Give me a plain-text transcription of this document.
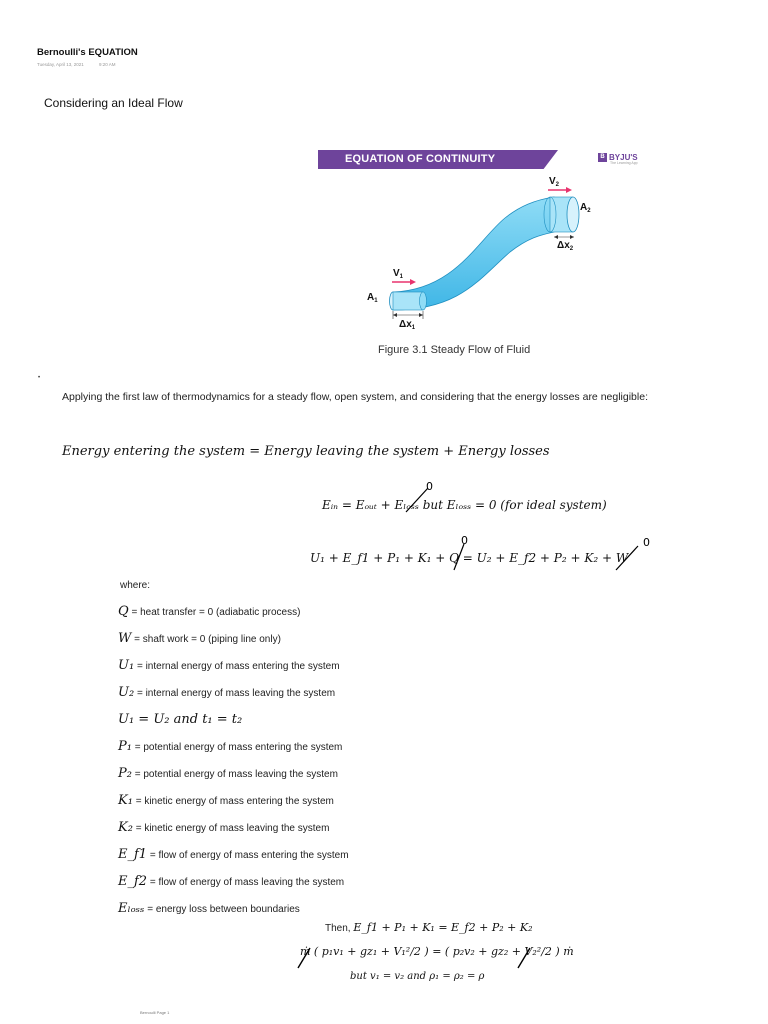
Bernoulli's EQUATION
Tuesday, April 13, 2021	9:20 AM
Considering an Ideal Flow
EQUATION OF CONTINUITY	B BYJU'S
The Learning App
$V_1$
$V_2$
$A_1$
$A_2$
$\Delta x_1$
$\Delta x_2$
Figure 3.1 Steady Flow of Fluid
•
Applying the first law of thermodynamics for a steady flow, open system, and considering that the energy losses are negligible:
Energy entering the system = Energy leaving the system + Energy losses
Eᵢₙ = Eₒᵤₜ + Eₗₒₛₛ but Eₗₒₛₛ = 0 (for ideal system)
0
U₁ + E_f1 + P₁ + K₁ + Q = U₂ + E_f2 + P₂ + K₂ + W
0	0
where:
Q = heat transfer = 0 (adiabatic process)
W = shaft work = 0 (piping line only)
U₁ = internal energy of mass entering the system
U₂ = internal energy of mass leaving the system
U₁ = U₂ and t₁ = t₂
P₁ = potential energy of mass entering the system
P₂ = potential energy of mass leaving the system
K₁ = kinetic energy of mass entering the system
K₂ = kinetic energy of mass leaving the system
E_f1 = flow of energy of mass entering the system
E_f2 = flow of energy of mass leaving the system
Eₗₒₛₛ = energy loss between boundaries
Then, E_f1 + P₁ + K₁ = E_f2 + P₂ + K₂
ṁ ( p₁v₁ + gz₁ + V₁²/2 ) = ( p₂v₂ + gz₂ + V₂²/2 ) ṁ
but v₁ = v₂ and ρ₁ = ρ₂ = ρ
Bernoulli Page 1
